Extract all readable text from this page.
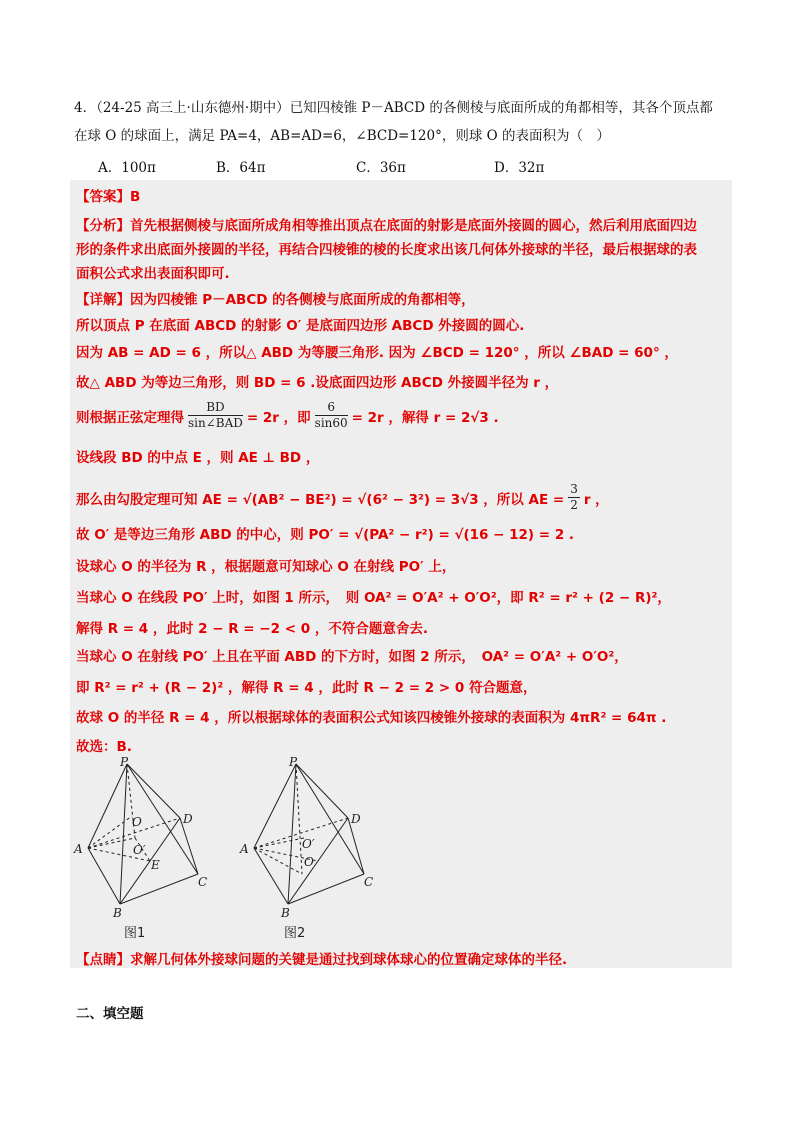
4．（24-25 高三上·山东德州·期中）已知四棱锥 P－ABCD 的各侧棱与底面所成的角都相等，其各个顶点都
在球 O 的球面上，满足 PA=4，AB=AD=6，∠BCD=120°，则球 O 的表面积为（　）
A．100π	B．64π	C．36π	D．32π
【答案】B
【分析】首先根据侧棱与底面所成角相等推出顶点在底面的射影是底面外接圆的圆心，然后利用底面四边
形的条件求出底面外接圆的半径，再结合四棱锥的棱的长度求出该几何体外接球的半径，最后根据球的表
面积公式求出表面积即可.
【详解】因为四棱锥 P－ABCD 的各侧棱与底面所成的角都相等，
所以顶点 P 在底面 ABCD 的射影 O′ 是底面四边形 ABCD 外接圆的圆心.
因为 AB = AD = 6 ，所以△ ABD 为等腰三角形. 因为 ∠BCD = 120° ，所以 ∠BAD = 60° ，
故△ ABD 为等边三角形，则 BD = 6 .设底面四边形 ABCD 外接圆半径为 r ，
则根据正弦定理得 $\frac{BD}{\text{sin∠BAD}} = 2r$ ，即 $\frac{6}{\sin 60} = 2r$ ，解得 r = 2√3 .
设线段 BD 的中点 E ，则 AE ⊥ BD ，
那么由勾股定理可知 AE = √(AB² − BE²) = √(6² − 3²) = 3√3 ，所以 AE = $\frac{3}{2}$ r ，
故 O′ 是等边三角形 ABD 的中心，则 PO′ = √(PA² − r²) = √(16 − 12) = 2 .
设球心 O 的半径为 R ，根据题意可知球心 O 在射线 PO′ 上，
当球心 O 在线段 PO′ 上时，如图 1 所示，　则 OA² = O′A² + O′O²，即 R² = r² + (2 − R)²，
解得 R = 4 ，此时 2 − R = −2 < 0 ，不符合题意舍去.
当球心 O 在射线 PO′ 上且在平面 ABD 的下方时，如图 2 所示，　OA² = O′A² + O′O²，
即 R² = r² + (R − 2)² ，解得 R = 4 ，此时 R − 2 = 2 > 0 符合题意，
故球 O 的半径 R = 4 ，所以根据球体的表面积公式知该四棱锥外接球的表面积为 4πR² = 64π .
故选：B.
P
O	D
A	O′
E
C
B
P
O
D
A	O′
C
B
图1	图2
【点睛】求解几何体外接球问题的关键是通过找到球体球心的位置确定球体的半径.
二、填空题
